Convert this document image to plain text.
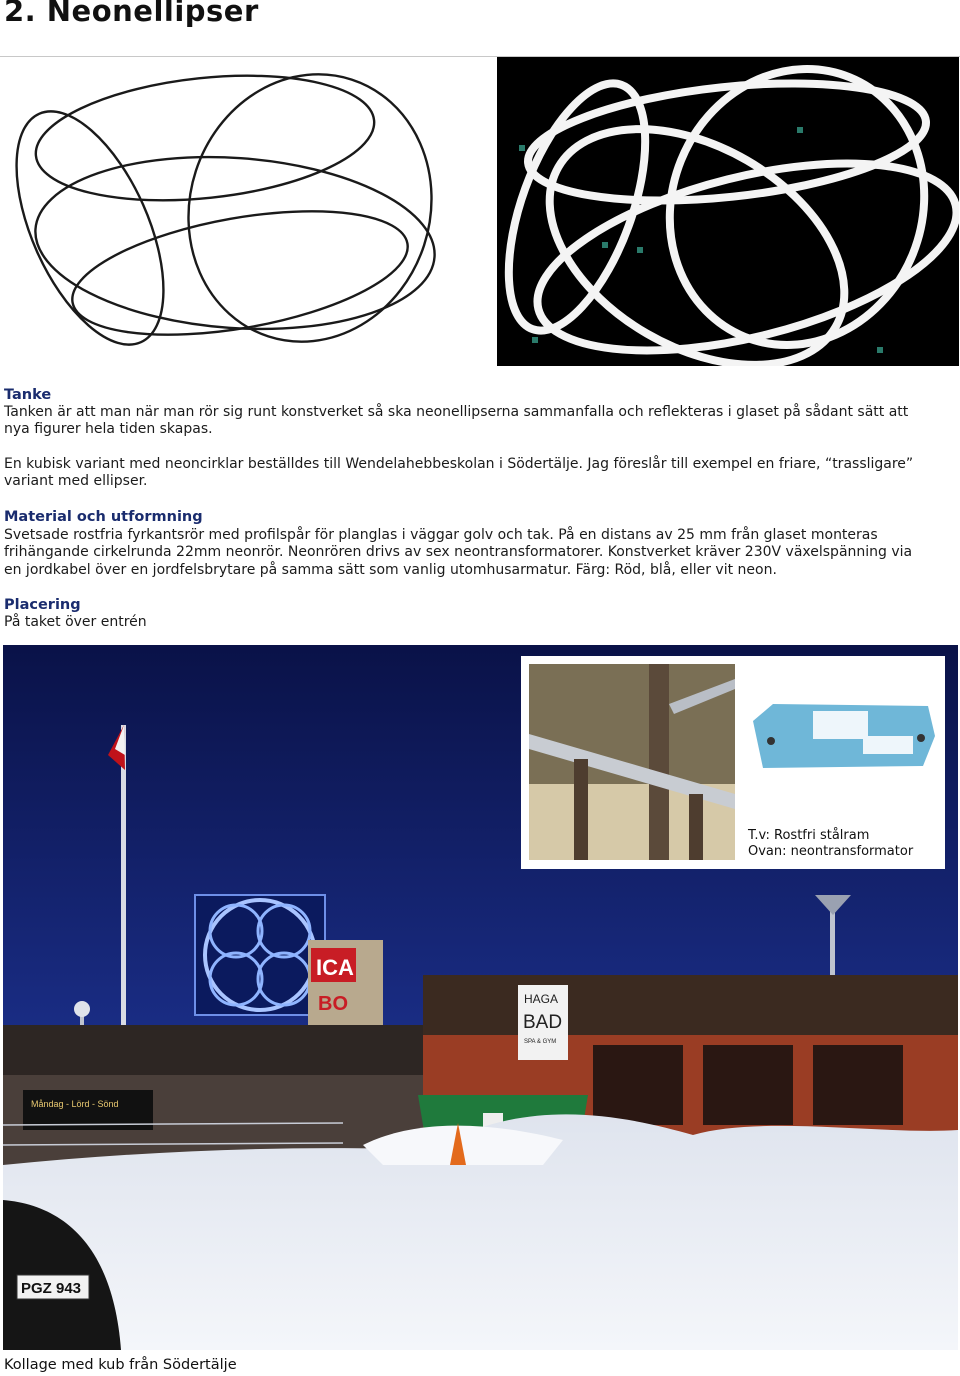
2. Neonellipser
Tanke
Tanken är att man när man rör sig runt konstverket så ska neonellipserna sammanfalla och reflekteras i glaset på sådant sätt att
nya figurer hela tiden skapas.
En kubisk variant med neoncirklar beställdes till Wendelahebbeskolan i Södertälje. Jag föreslår till exempel en friare, “trassligare”
variant med ellipser.
Material och utformning
Svetsade rostfria fyrkantsrör med profilspår för planglas i väggar golv och tak. På en distans av 25 mm från glaset monteras
frihängande cirkelrunda 22mm neonrör. Neonrören drivs av sex neontransformatorer. Konstverket kräver 230V växelspänning via
en jordkabel över en jordfelsbrytare på samma sätt som vanlig utomhusarmatur. Färg: Röd, blå, eller vit neon.
Placering
På taket över entrén
ICA
BO
Måndag - Lörd - Sönd
HAGA
BAD
SPA & GYM
PGZ 943
T.v: Rostfri stålram
Ovan: neontransformator
Kollage med kub från Södertälje
